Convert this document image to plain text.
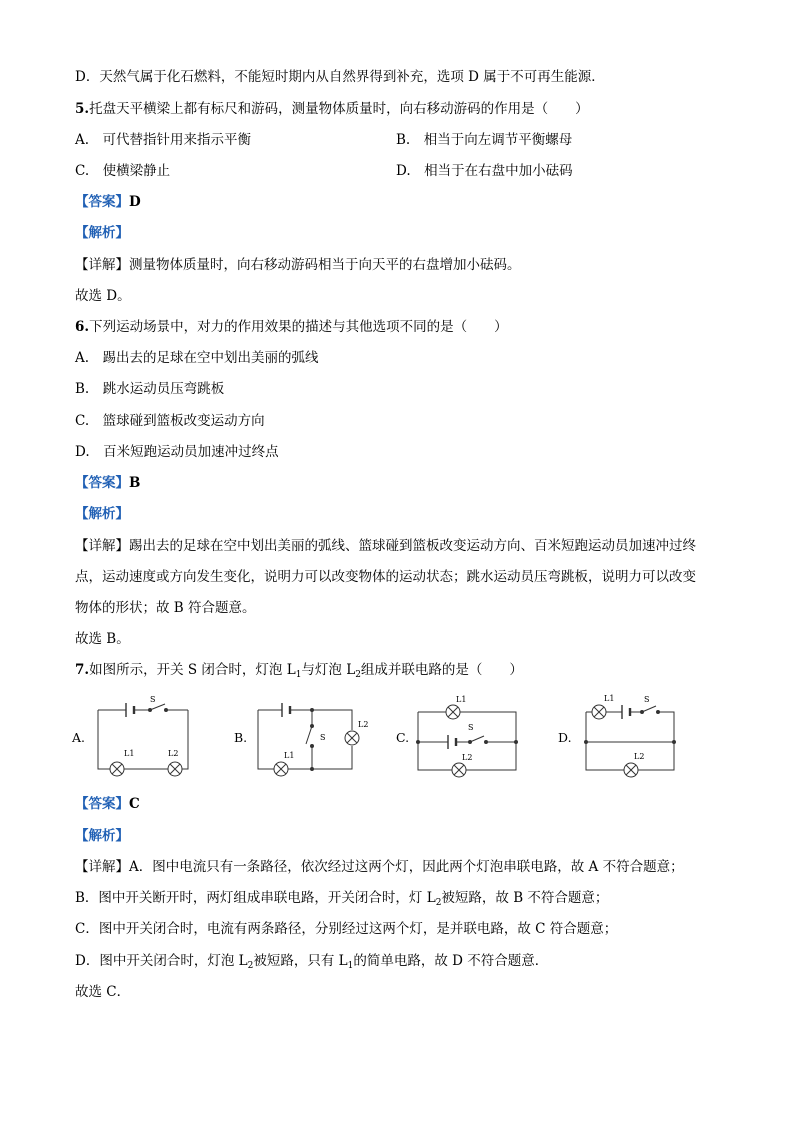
D．天然气属于化石燃料，不能短时期内从自然界得到补充，选项 D 属于不可再生能源．
5.托盘天平横梁上都有标尺和游码，测量物体质量时，向右移动游码的作用是（　　）
A.　可代替指针用来指示平衡	B.　相当于向左调节平衡螺母
C.　使横梁静止	D.　相当于在右盘中加小砝码
【答案】D
【解析】
【详解】测量物体质量时，向右移动游码相当于向天平的右盘增加小砝码。
故选 D。
6.下列运动场景中，对力的作用效果的描述与其他选项不同的是（　　）
A.　踢出去的足球在空中划出美丽的弧线
B.　跳水运动员压弯跳板
C.　篮球碰到篮板改变运动方向
D.　百米短跑运动员加速冲过终点
【答案】B
【解析】
【详解】踢出去的足球在空中划出美丽的弧线、篮球碰到篮板改变运动方向、百米短跑运动员加速冲过终
点，运动速度或方向发生变化，说明力可以改变物体的运动状态；跳水运动员压弯跳板，说明力可以改变
物体的形状；故 B 符合题意。
故选 B。
7.如图所示，开关 S 闭合时，灯泡 $L_1$与灯泡 $L_2$组成并联电路的是（　　）
A.
S
L1	L2
B.	S
L1
L2
C.
L1
S
L2
D.
L1	S
L2
【答案】C
【解析】
【详解】A．图中电流只有一条路径，依次经过这两个灯，因此两个灯泡串联电路，故 A 不符合题意；
B．图中开关断开时，两灯组成串联电路，开关闭合时，灯 $L_2$被短路，故 B 不符合题意；
C．图中开关闭合时，电流有两条路径，分别经过这两个灯，是并联电路，故 C 符合题意；
D．图中开关闭合时，灯泡 $L_2$被短路，只有 $L_1$的简单电路，故 D 不符合题意．
故选 C．
